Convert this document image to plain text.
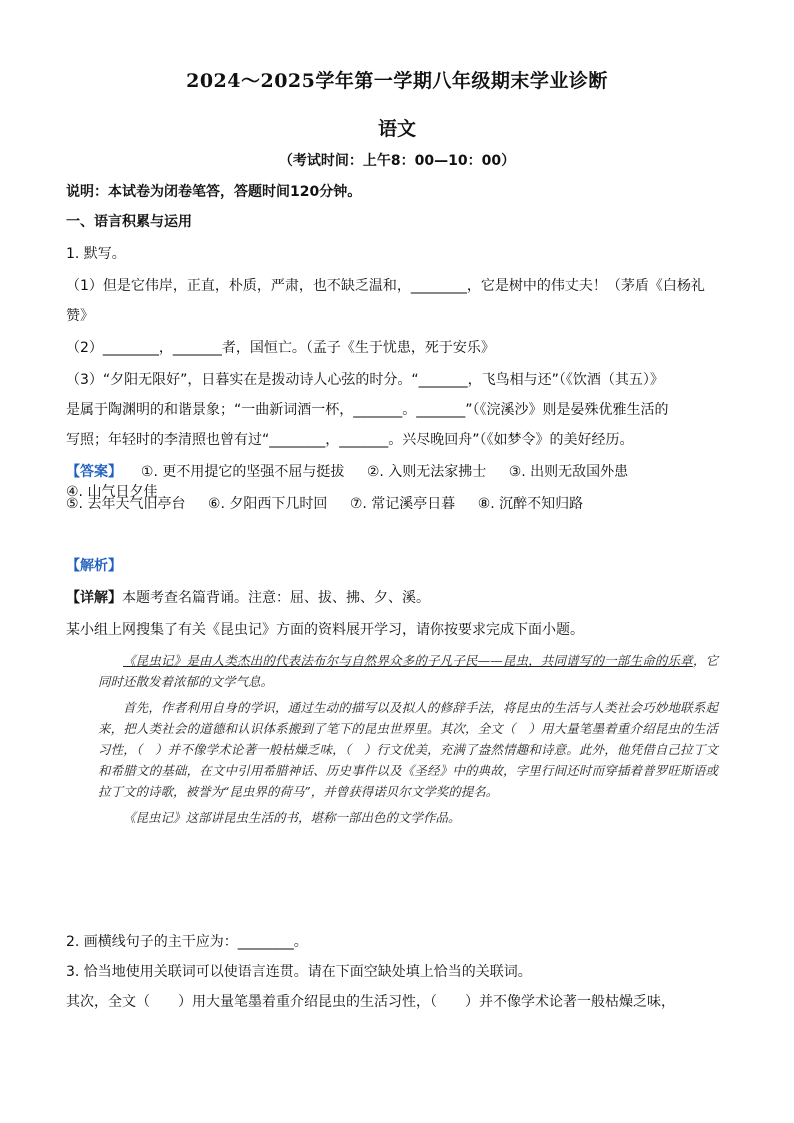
2024～2025学年第一学期八年级期末学业诊断
语文
（考试时间：上午8：00—10：00）
说明：本试卷为闭卷笔答，答题时间120分钟。
一、语言积累与运用
1. 默写。
（1）但是它伟岸，正直，朴质，严肃，也不缺乏温和，________，它是树中的伟丈夫！（茅盾《白杨礼
赞》
（2）________，_______者，国恒亡。（孟子《生于忧患，死于安乐》
（3）“夕阳无限好”，日暮实在是拨动诗人心弦的时分。“_______，飞鸟相与还”（《饮酒（其五）》
是属于陶渊明的和谐景象；“一曲新词酒一杯，_______。_______”（《浣溪沙》则是晏殊优雅生活的
写照；年轻时的李清照也曾有过“________，_______。兴尽晚回舟”（《如梦令》的美好经历。
【答案】 ①. 更不用提它的坚强不屈与挺拔 ②. 入则无法家拂士 ③. 出则无敌国外患 ④. 山气日夕佳
⑤. 去年天气旧亭台 ⑥. 夕阳西下几时回 ⑦. 常记溪亭日暮 ⑧. 沉醉不知归路
【解析】
【详解】本题考查名篇背诵。注意：屈、拔、拂、夕、溪。
某小组上网搜集了有关《昆虫记》方面的资料展开学习，请你按要求完成下面小题。

《昆虫记》是由人类杰出的代表法布尔与自然界众多的子凡子民——昆虫，共同谱写的一部生命的乐章，它同时还散发着浓郁的文学气息。

首先，作者利用自身的学识，通过生动的描写以及拟人的修辞手法，将昆虫的生活与人类社会巧妙地联系起来，把人类社会的道德和认识体系搬到了笔下的昆虫世界里。其次，全文（　）用大量笔墨着重介绍昆虫的生活习性，（　）并不像学术论著一般枯燥乏味，（　）行文优美，充满了盎然情趣和诗意。此外，他凭借自己拉丁文和希腊文的基础，在文中引用希腊神话、历史事件以及《圣经》中的典故，字里行间还时而穿插着普罗旺斯语或拉丁文的诗歌，被誉为“昆虫界的荷马”，并曾获得诺贝尔文学奖的提名。

《昆虫记》这部讲昆虫生活的书，堪称一部出色的文学作品。

2. 画横线句子的主干应为：________。
3. 恰当地使用关联词可以使语言连贯。请在下面空缺处填上恰当的关联词。
其次，全文（　　）用大量笔墨着重介绍昆虫的生活习性，（　　）并不像学术论著一般枯燥乏味，
